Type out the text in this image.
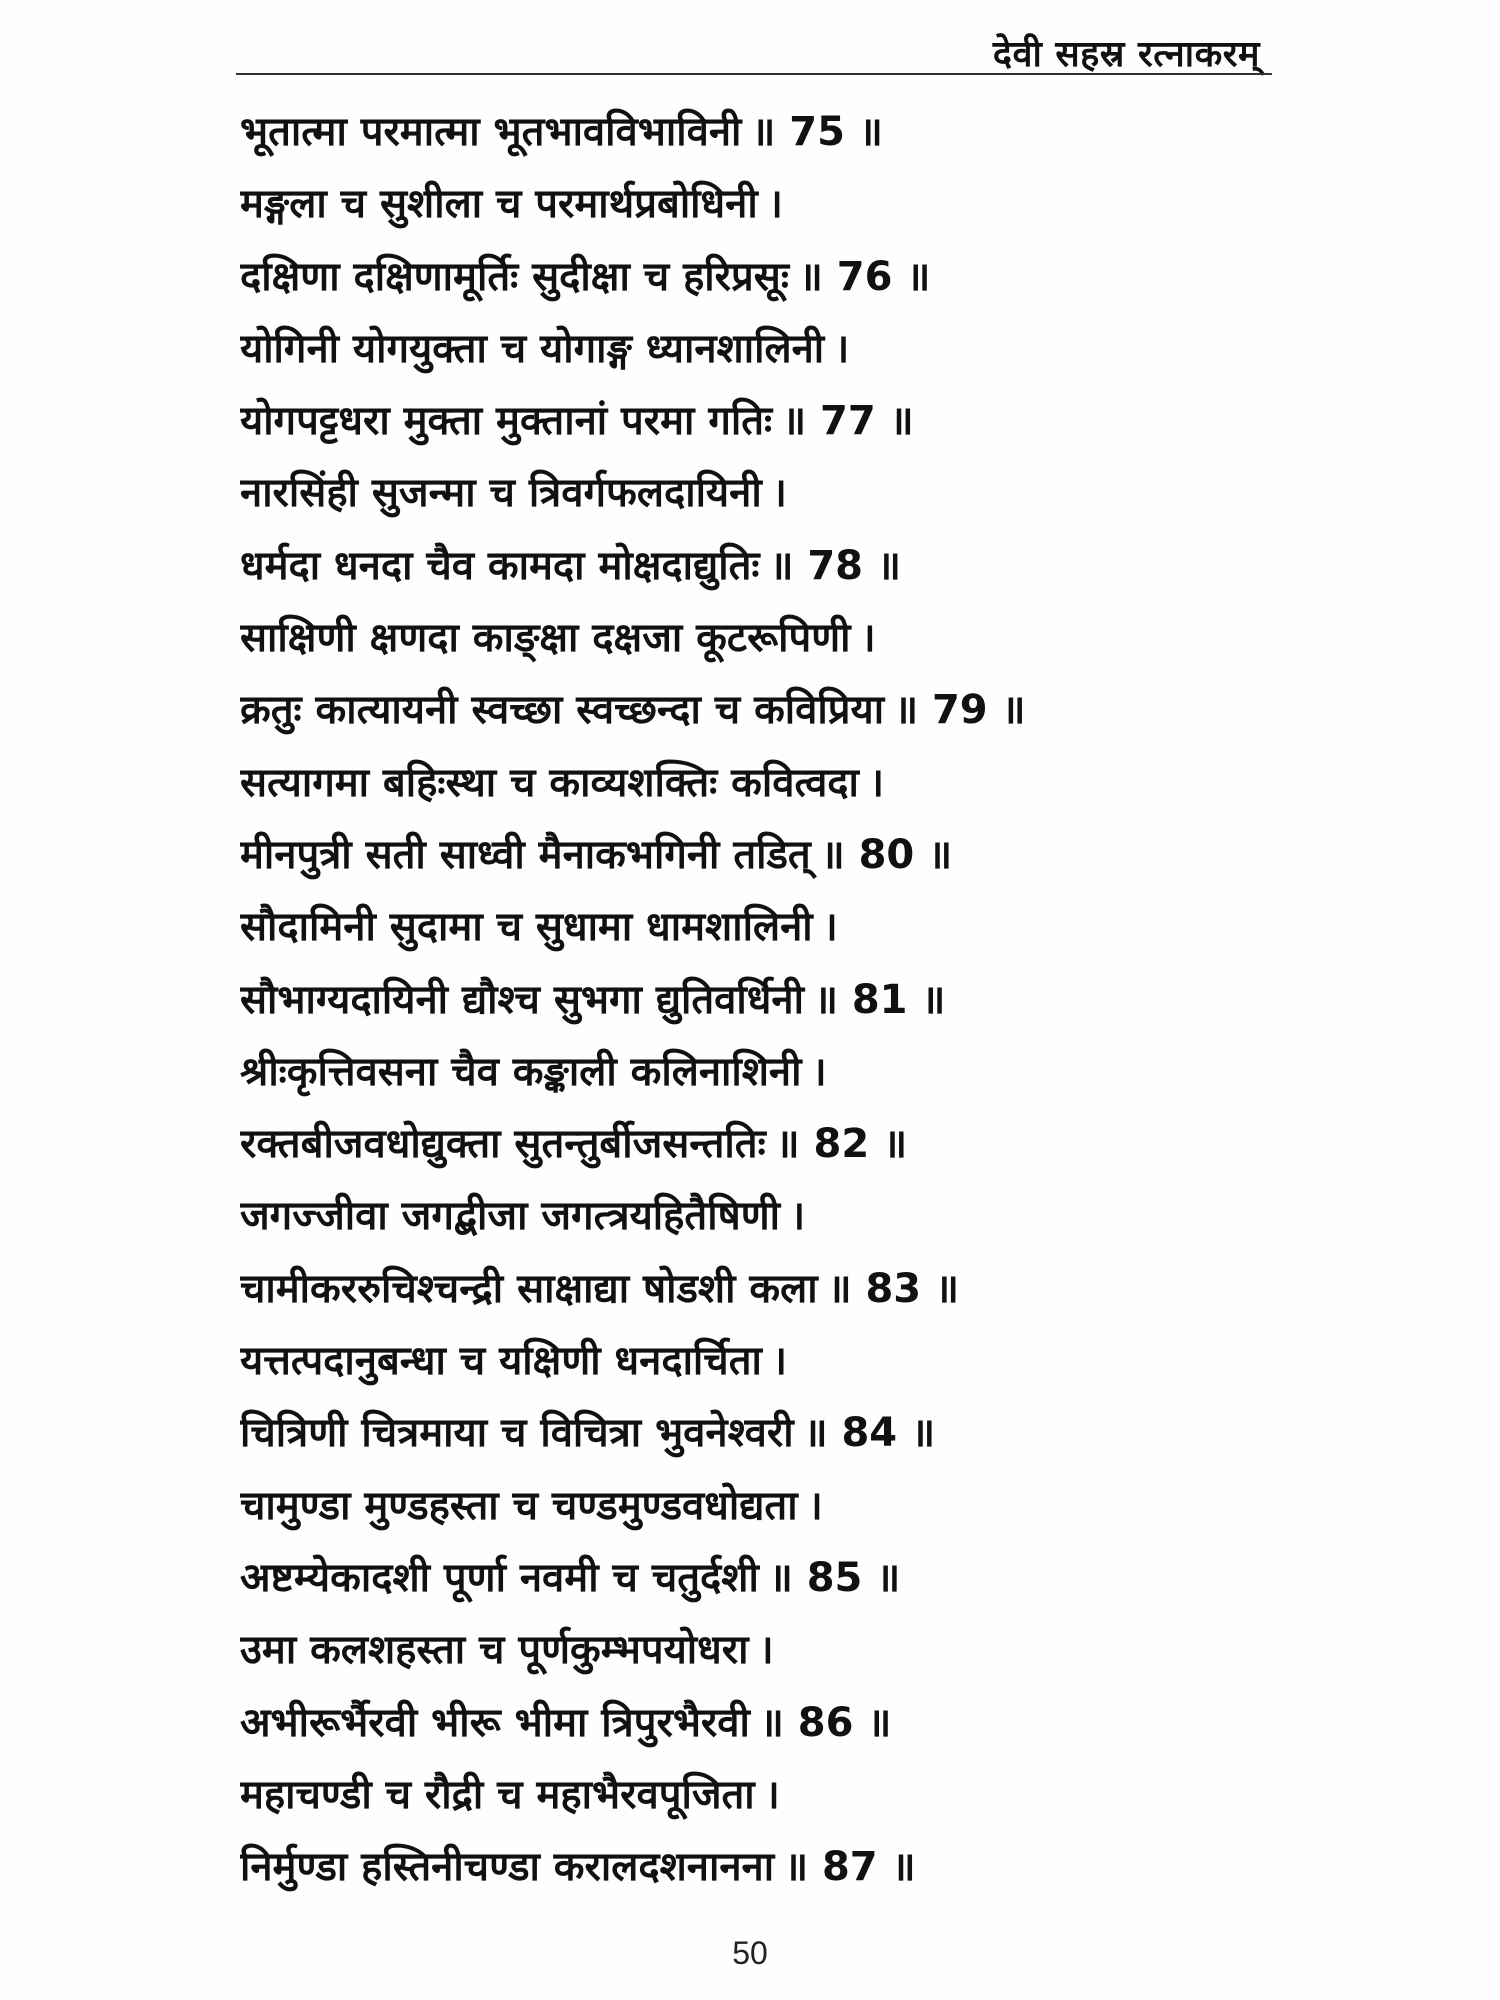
देवी सहस्र रत्नाकरम्
भूतात्मा परमात्मा भूतभावविभाविनी ॥ 75 ॥
मङ्गला च सुशीला च परमार्थप्रबोधिनी ।
दक्षिणा दक्षिणामूर्तिः सुदीक्षा च हरिप्रसूः ॥ 76 ॥
योगिनी योगयुक्ता च योगाङ्ग ध्यानशालिनी ।
योगपट्टधरा मुक्ता मुक्तानां परमा गतिः ॥ 77 ॥
नारसिंही सुजन्मा च त्रिवर्गफलदायिनी ।
धर्मदा धनदा चैव कामदा मोक्षदाद्युतिः ॥ 78 ॥
साक्षिणी क्षणदा काङ्क्षा दक्षजा कूटरूपिणी ।
क्रतुः कात्यायनी स्वच्छा स्वच्छन्दा च कविप्रिया ॥ 79 ॥
सत्यागमा बहिःस्था च काव्यशक्तिः कवित्वदा ।
मीनपुत्री सती साध्वी मैनाकभगिनी तडित् ॥ 80 ॥
सौदामिनी सुदामा च सुधामा धामशालिनी ।
सौभाग्यदायिनी द्यौश्च सुभगा द्युतिवर्धिनी ॥ 81 ॥
श्रीःकृत्तिवसना चैव कङ्काली कलिनाशिनी ।
रक्तबीजवधोद्युक्ता सुतन्तुर्बीजसन्ततिः ॥ 82 ॥
जगज्जीवा जगद्बीजा जगत्त्रयहितैषिणी ।
चामीकररुचिश्चन्द्री साक्षाद्या षोडशी कला ॥ 83 ॥
यत्तत्पदानुबन्धा च यक्षिणी धनदार्चिता ।
चित्रिणी चित्रमाया च विचित्रा भुवनेश्वरी ॥ 84 ॥
चामुण्डा मुण्डहस्ता च चण्डमुण्डवधोद्यता ।
अष्टम्येकादशी पूर्णा नवमी च चतुर्दशी ॥ 85 ॥
उमा कलशहस्ता च पूर्णकुम्भपयोधरा ।
अभीरूर्भैरवी भीरू भीमा त्रिपुरभैरवी ॥ 86 ॥
महाचण्डी च रौद्री च महाभैरवपूजिता ।
निर्मुण्डा हस्तिनीचण्डा करालदशनानना ॥ 87 ॥
50
